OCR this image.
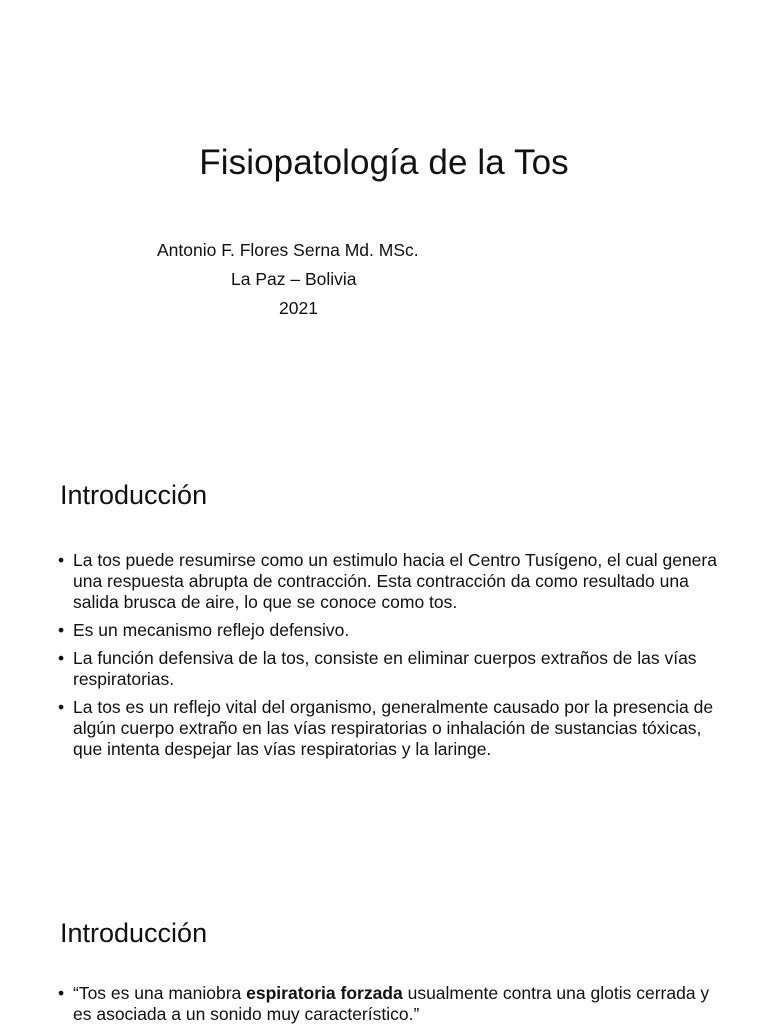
Fisiopatología de la Tos

Antonio F. Flores Serna Md. MSc.

La Paz – Bolivia

2021

Introducción
• La tos puede resumirse como un estimulo hacia el Centro Tusígeno, el cual genera una respuesta abrupta de contracción. Esta contracción da como resultado una salida brusca de aire, lo que se conoce como tos.
• Es un mecanismo reflejo defensivo.
• La función defensiva de la tos, consiste en eliminar cuerpos extraños de las vías respiratorias.
• La tos es un reflejo vital del organismo, generalmente causado por la presencia de algún cuerpo extraño en las vías respiratorias o inhalación de sustancias tóxicas, que intenta despejar las vías respiratorias y la laringe.
Introducción
• “Tos es una maniobra espiratoria forzada usualmente contra una glotis cerrada y es asociada a un sonido muy característico.”
